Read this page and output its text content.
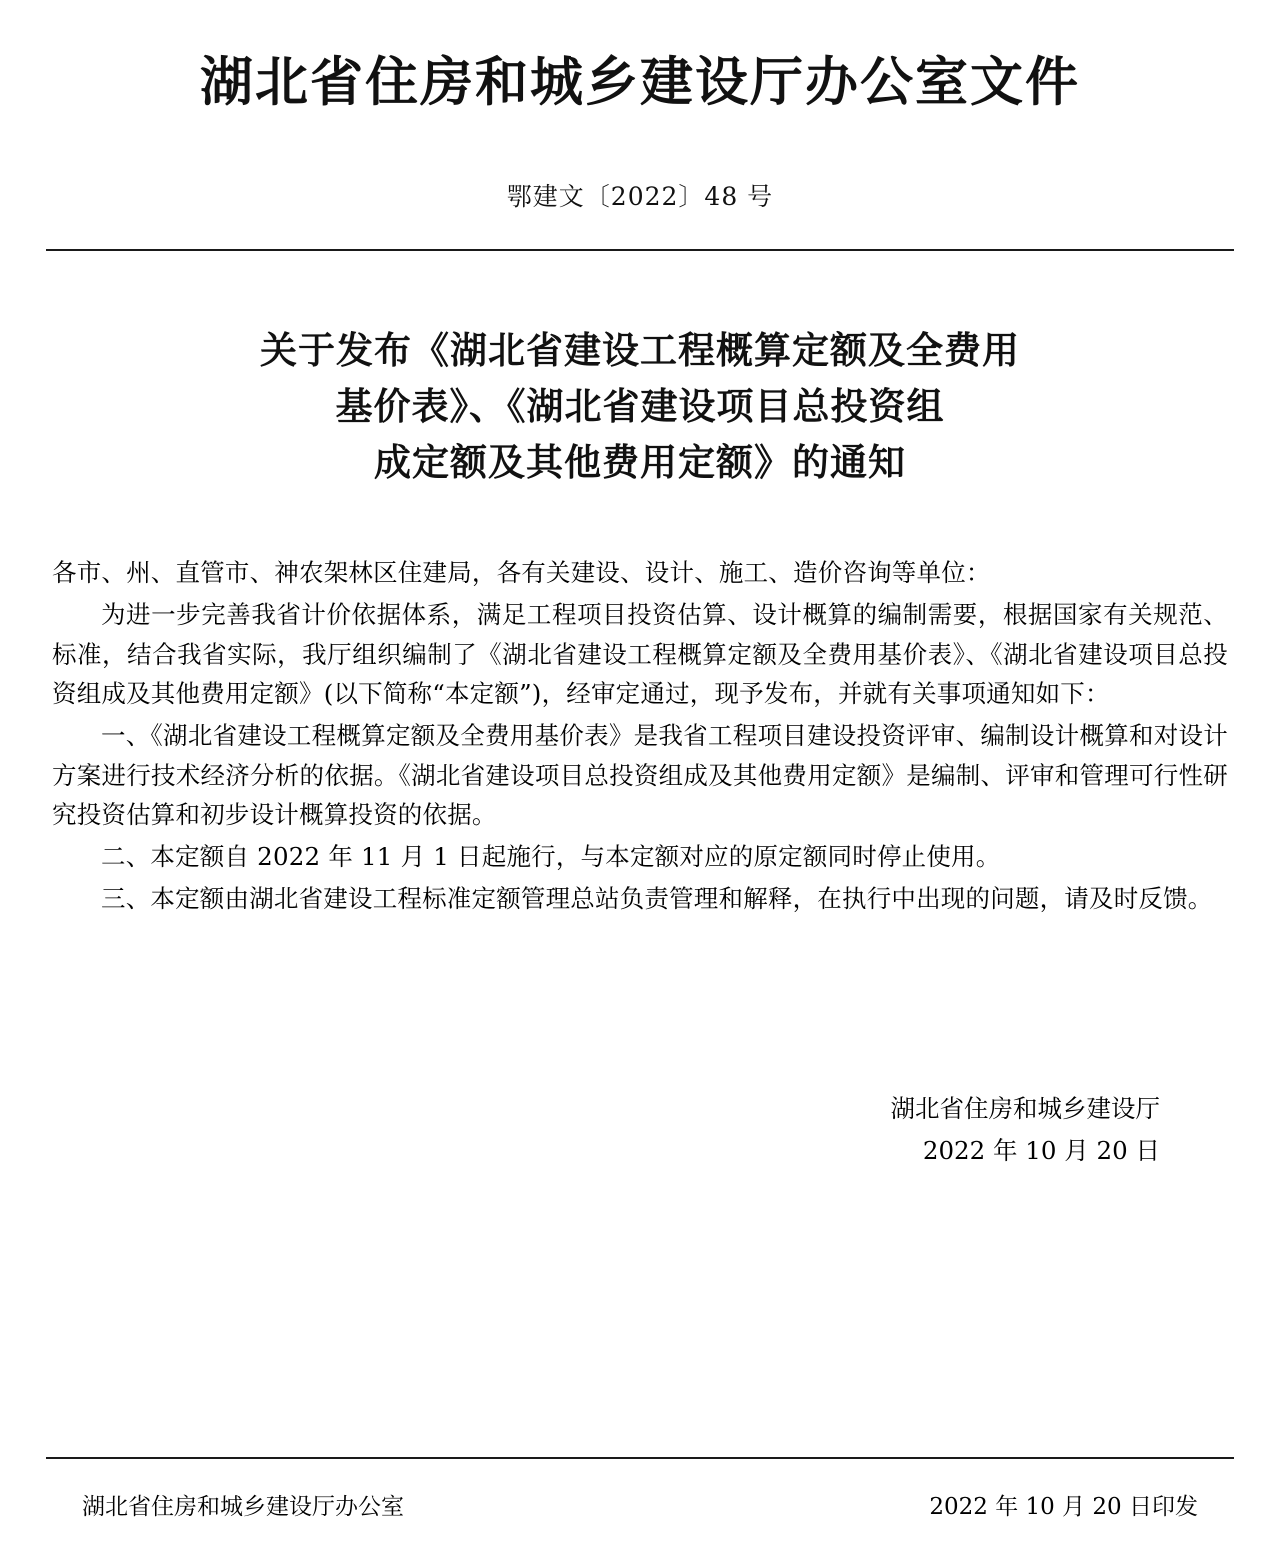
湖北省住房和城乡建设厅办公室文件
鄂建文〔2022〕48 号
关于发布《湖北省建设工程概算定额及全费用
基价表》、《湖北省建设项目总投资组
成定额及其他费用定额》的通知

各市、州、直管市、神农架林区住建局，各有关建设、设计、施工、造价咨询等单位：

为进一步完善我省计价依据体系，满足工程项目投资估算、设计概算的编制需要，根据国家有关规范、标准，结合我省实际，我厅组织编制了《湖北省建设工程概算定额及全费用基价表》、《湖北省建设项目总投资组成及其他费用定额》(以下简称“本定额”)，经审定通过，现予发布，并就有关事项通知如下：

一、《湖北省建设工程概算定额及全费用基价表》是我省工程项目建设投资评审、编制设计概算和对设计方案进行技术经济分析的依据。《湖北省建设项目总投资组成及其他费用定额》是编制、评审和管理可行性研究投资估算和初步设计概算投资的依据。

二、本定额自 2022 年 11 月 1 日起施行，与本定额对应的原定额同时停止使用。

三、本定额由湖北省建设工程标准定额管理总站负责管理和解释，在执行中出现的问题，请及时反馈。

湖北省住房和城乡建设厅
2022 年 10 月 20 日
湖北省住房和城乡建设厅办公室	2022 年 10 月 20 日印发
